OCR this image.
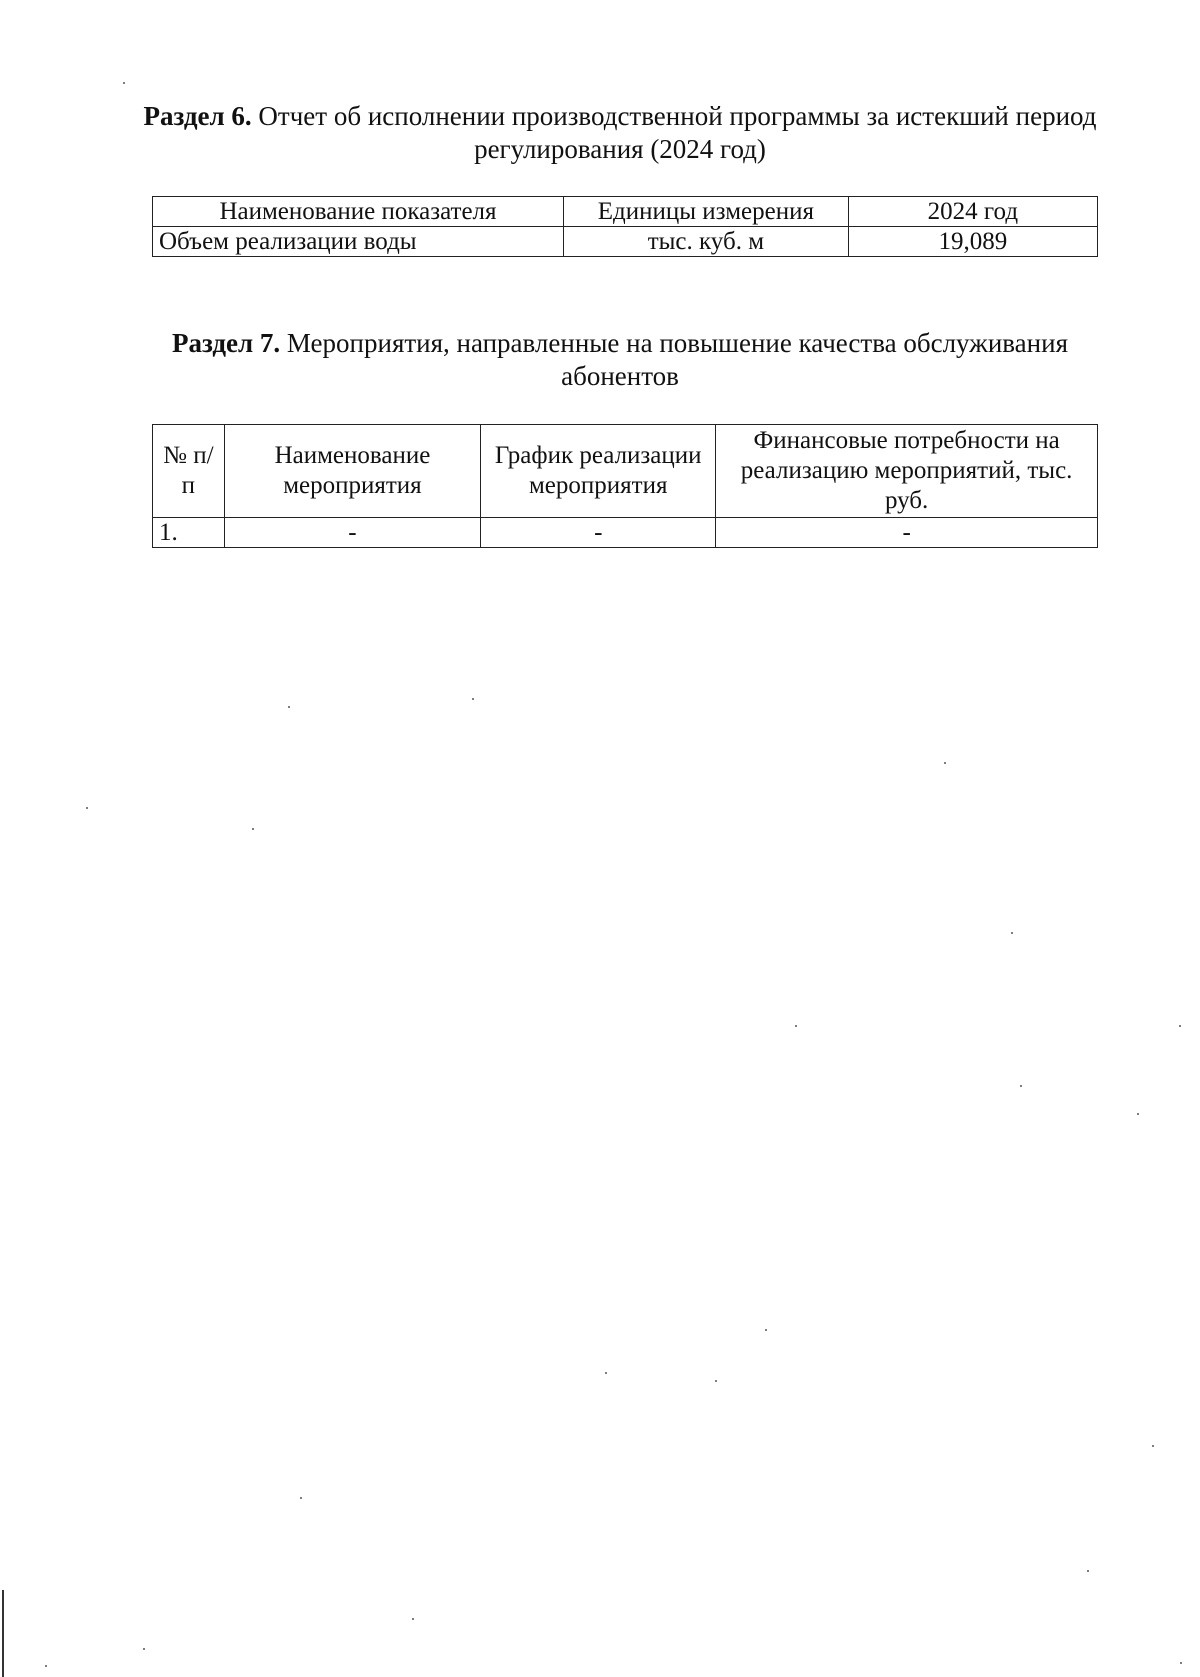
Раздел 6. Отчет об исполнении производственной программы за истекший период регулирования (2024 год)
Наименование показателя	Единицы измерения	2024 год
Объем реализации воды	тыс. куб. м	19,089
Раздел 7. Мероприятия, направленные на повышение качества обслуживания абонентов
№ п/п	Наименование мероприятия	График реализации мероприятия	Финансовые потребности на реализацию мероприятий, тыс. руб.
1.	-	-	-
